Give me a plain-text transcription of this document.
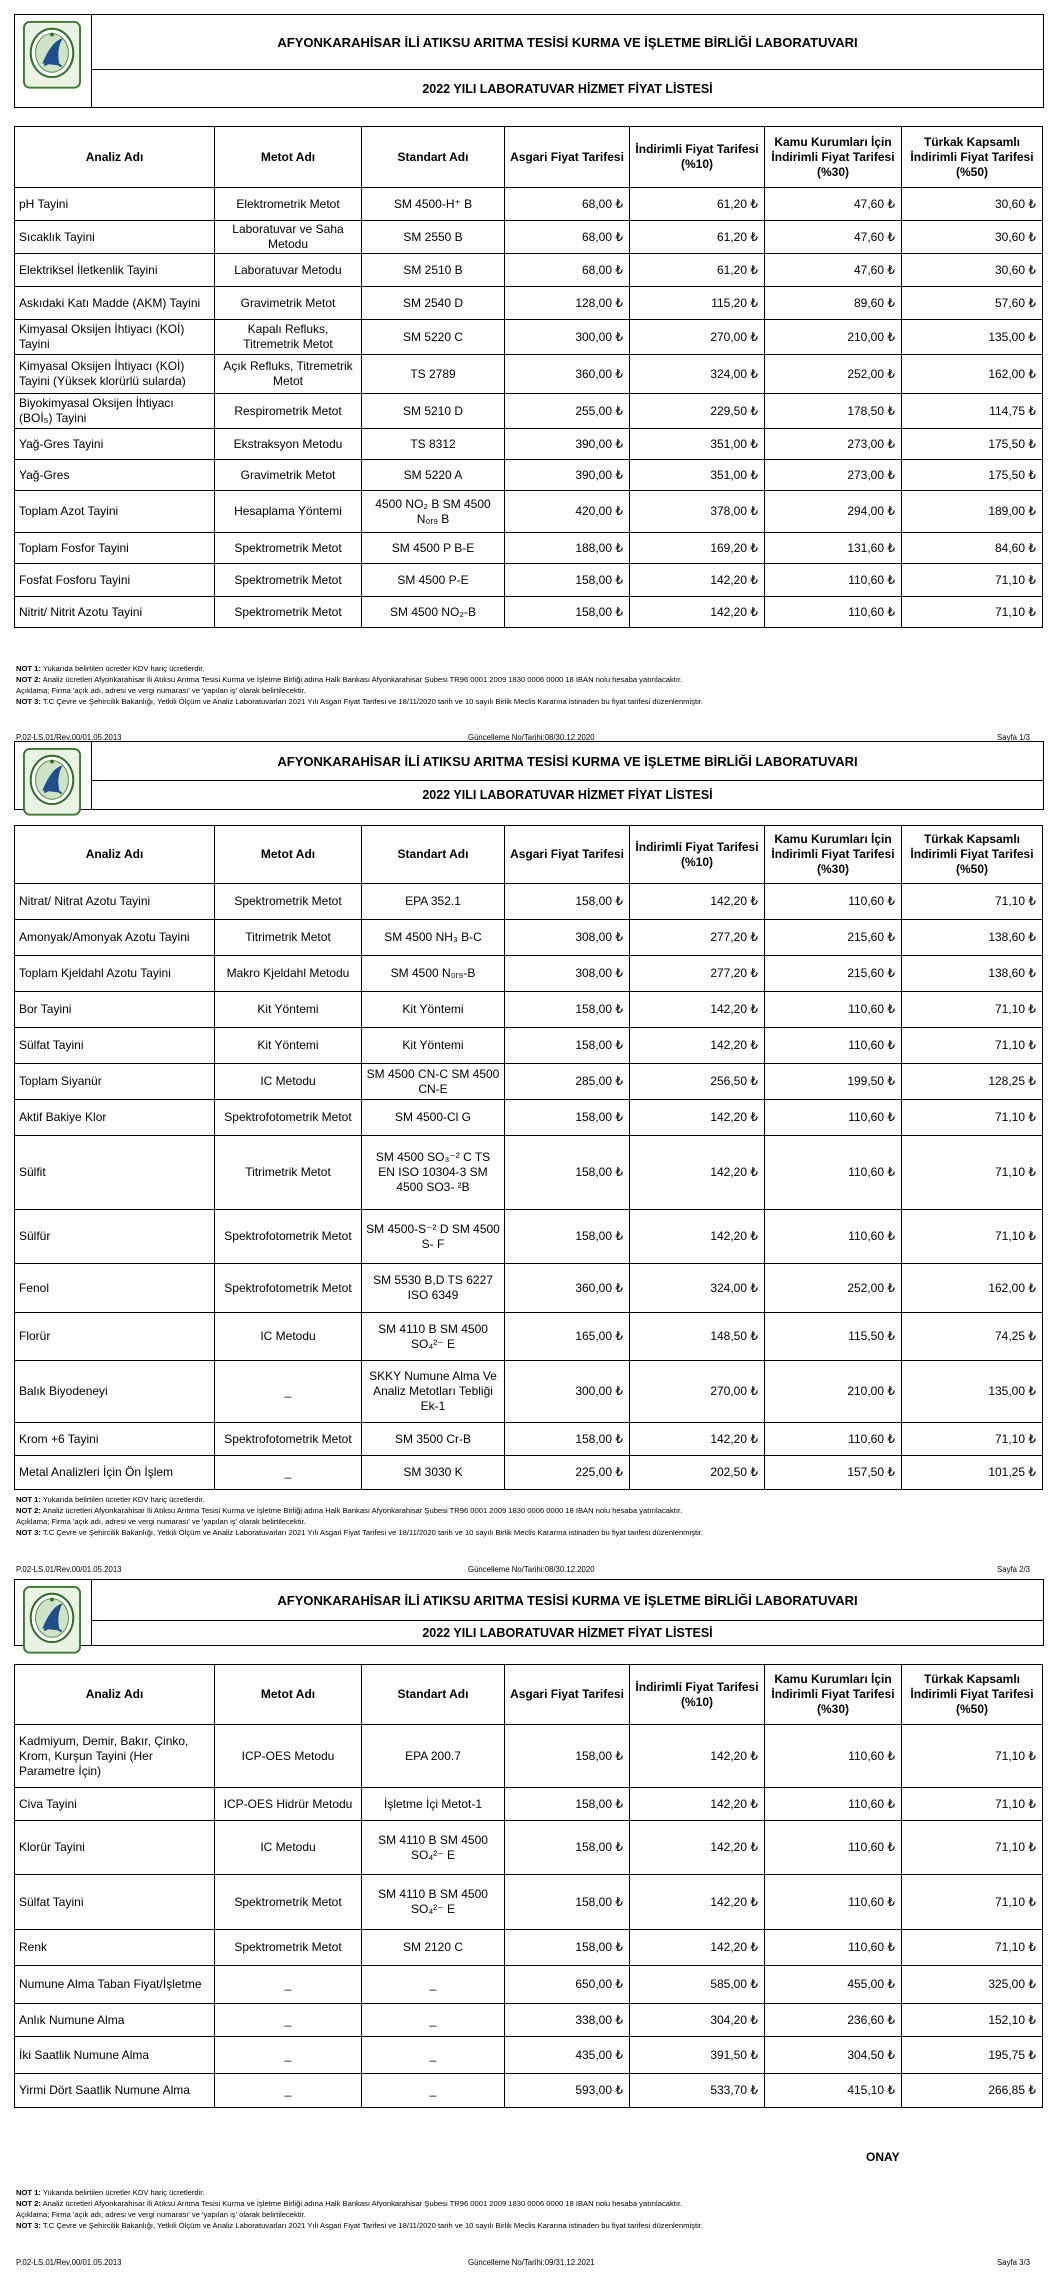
AFYONKARAHİSAR İLİ ATIKSU ARITMA TESİSİ KURMA VE İŞLETME BİRLİĞİ LABORATUVARI
2022 YILI LABORATUVAR HİZMET FİYAT LİSTESİ
Analiz Adı	Metot Adı	Standart Adı	Asgari Fiyat Tarifesi	İndirimli Fiyat Tarifesi (%10)	Kamu Kurumları İçin İndirimli Fiyat Tarifesi (%30)	Türkak Kapsamlı İndirimli Fiyat Tarifesi (%50)
pH Tayini	Elektrometrik Metot	SM 4500-H⁺ B	68,00 ₺	61,20 ₺	47,60 ₺	30,60 ₺
Sıcaklık Tayini	Laboratuvar ve Saha Metodu	SM 2550 B	68,00 ₺	61,20 ₺	47,60 ₺	30,60 ₺
Elektriksel İletkenlik Tayini	Laboratuvar Metodu	SM 2510 B	68,00 ₺	61,20 ₺	47,60 ₺	30,60 ₺
Askıdaki Katı Madde (AKM) Tayini	Gravimetrik Metot	SM 2540 D	128,00 ₺	115,20 ₺	89,60 ₺	57,60 ₺
Kimyasal Oksijen İhtiyacı (KOİ) Tayini	Kapalı Refluks, Titremetrik Metot	SM 5220 C	300,00 ₺	270,00 ₺	210,00 ₺	135,00 ₺
Kimyasal Oksijen İhtiyacı (KOİ) Tayini (Yüksek klorürlü sularda)	Açık Refluks, Titremetrik Metot	TS 2789	360,00 ₺	324,00 ₺	252,00 ₺	162,00 ₺
Biyokimyasal Oksijen İhtiyacı (BOİ₅) Tayini	Respirometrik Metot	SM 5210 D	255,00 ₺	229,50 ₺	178,50 ₺	114,75 ₺
Yağ-Gres Tayini	Ekstraksyon Metodu	TS 8312	390,00 ₺	351,00 ₺	273,00 ₺	175,50 ₺
Yağ-Gres	Gravimetrik Metot	SM 5220 A	390,00 ₺	351,00 ₺	273,00 ₺	175,50 ₺
Toplam Azot Tayini	Hesaplama Yöntemi	4500 NO₂ B SM 4500 N₀ᵣ₉ B	420,00 ₺	378,00 ₺	294,00 ₺	189,00 ₺
Toplam Fosfor Tayini	Spektrometrik Metot	SM 4500 P B-E	188,00 ₺	169,20 ₺	131,60 ₺	84,60 ₺
Fosfat Fosforu Tayini	Spektrometrik Metot	SM 4500 P-E	158,00 ₺	142,20 ₺	110,60 ₺	71,10 ₺
Nitrit/ Nitrit Azotu Tayini	Spektrometrik Metot	SM 4500 NO₂-B	158,00 ₺	142,20 ₺	110,60 ₺	71,10 ₺
NOT 1: Yukarıda belirtilen ücretler KDV hariç ücretlerdir.
NOT 2: Analiz ücretleri Afyonkarahisar İli Atıksu Arıtma Tesisi Kurma ve İşletme Birliği adına Halk Bankası Afyonkarahisar Şubesi TR96 0001 2009 1830 0006 0000 18 IBAN nolu hesaba yatırılacaktır.
Açıklama; Firma 'açık adı, adresi ve vergi numarası' ve 'yapılan iş' olarak belirtilecektir.
NOT 3: T.C Çevre ve Şehircilik Bakanlığı, Yetkili Ölçüm ve Analiz Laboratuvarları 2021 Yılı Asgari Fiyat Tarifesi ve 18/11/2020 tarih ve 10 sayılı Birlik Meclis Kararına istinaden bu fiyat tarifesi düzenlenmiştir.
P.02-LS.01/Rev.00/01.05.2013	Güncelleme No/Tarihi:08/30.12.2020	Sayfa 1/3
AFYONKARAHİSAR İLİ ATIKSU ARITMA TESİSİ KURMA VE İŞLETME BİRLİĞİ LABORATUVARI
2022 YILI LABORATUVAR HİZMET FİYAT LİSTESİ
Analiz Adı	Metot Adı	Standart Adı	Asgari Fiyat Tarifesi	İndirimli Fiyat Tarifesi (%10)	Kamu Kurumları İçin İndirimli Fiyat Tarifesi (%30)	Türkak Kapsamlı İndirimli Fiyat Tarifesi (%50)
Nitrat/ Nitrat Azotu Tayini	Spektrometrik Metot	EPA 352.1	158,00 ₺	142,20 ₺	110,60 ₺	71,10 ₺
Amonyak/Amonyak Azotu Tayini	Titrimetrik Metot	SM 4500 NH₃ B-C	308,00 ₺	277,20 ₺	215,60 ₺	138,60 ₺
Toplam Kjeldahl Azotu Tayini	Makro Kjeldahl Metodu	SM 4500 N₀ᵣ₉-B	308,00 ₺	277,20 ₺	215,60 ₺	138,60 ₺
Bor Tayini	Kit Yöntemi	Kit Yöntemi	158,00 ₺	142,20 ₺	110,60 ₺	71,10 ₺
Sülfat Tayini	Kit Yöntemi	Kit Yöntemi	158,00 ₺	142,20 ₺	110,60 ₺	71,10 ₺
Toplam Siyanür	IC Metodu	SM 4500 CN-C SM 4500 CN-E	285,00 ₺	256,50 ₺	199,50 ₺	128,25 ₺
Aktif Bakiye Klor	Spektrofotometrik Metot	SM 4500-Cl G	158,00 ₺	142,20 ₺	110,60 ₺	71,10 ₺
Sülfit	Titrimetrik Metot	SM 4500 SO₃⁻² C TS EN ISO 10304-3 SM 4500 SO3- ²B	158,00 ₺	142,20 ₺	110,60 ₺	71,10 ₺
Sülfür	Spektrofotometrik Metot	SM 4500-S⁻² D SM 4500 S- F	158,00 ₺	142,20 ₺	110,60 ₺	71,10 ₺
Fenol	Spektrofotometrik Metot	SM 5530 B,D TS 6227 ISO 6349	360,00 ₺	324,00 ₺	252,00 ₺	162,00 ₺
Florür	IC Metodu	SM 4110 B SM 4500 SO₄²⁻ E	165,00 ₺	148,50 ₺	115,50 ₺	74,25 ₺
Balık Biyodeneyi	_	SKKY Numune Alma Ve Analiz Metotları Tebliği Ek-1	300,00 ₺	270,00 ₺	210,00 ₺	135,00 ₺
Krom +6 Tayini	Spektrofotometrik Metot	SM 3500 Cr-B	158,00 ₺	142,20 ₺	110,60 ₺	71,10 ₺
Metal Analizleri İçin Ön İşlem	_	SM 3030 K	225,00 ₺	202,50 ₺	157,50 ₺	101,25 ₺
NOT 1: Yukarıda belirtilen ücretler KDV hariç ücretlerdir.
NOT 2: Analiz ücretleri Afyonkarahisar İli Atıksu Arıtma Tesisi Kurma ve İşletme Birliği adına Halk Bankası Afyonkarahisar Şubesi TR96 0001 2009 1830 0006 0000 18 IBAN nolu hesaba yatırılacaktır.
Açıklama; Firma 'açık adı, adresi ve vergi numarası' ve 'yapılan iş' olarak belirtilecektir.
NOT 3: T.C Çevre ve Şehircilik Bakanlığı, Yetkili Ölçüm ve Analiz Laboratuvarları 2021 Yılı Asgari Fiyat Tarifesi ve 18/11/2020 tarih ve 10 sayılı Birlik Meclis Kararına istinaden bu fiyat tarifesi düzenlenmiştir.
P.02-LS.01/Rev.00/01.05.2013	Güncelleme No/Tarihi:08/30.12.2020	Sayfa 2/3
AFYONKARAHİSAR İLİ ATIKSU ARITMA TESİSİ KURMA VE İŞLETME BİRLİĞİ LABORATUVARI
2022 YILI LABORATUVAR HİZMET FİYAT LİSTESİ
Analiz Adı	Metot Adı	Standart Adı	Asgari Fiyat Tarifesi	İndirimli Fiyat Tarifesi (%10)	Kamu Kurumları İçin İndirimli Fiyat Tarifesi (%30)	Türkak Kapsamlı İndirimli Fiyat Tarifesi (%50)
Kadmiyum, Demir, Bakır, Çinko, Krom, Kurşun Tayini (Her Parametre İçin)	ICP-OES Metodu	EPA 200.7	158,00 ₺	142,20 ₺	110,60 ₺	71,10 ₺
Civa Tayini	ICP-OES Hidrür Metodu	İşletme İçi Metot-1	158,00 ₺	142,20 ₺	110,60 ₺	71,10 ₺
Klorür Tayini	IC Metodu	SM 4110 B SM 4500 SO₄²⁻ E	158,00 ₺	142,20 ₺	110,60 ₺	71,10 ₺
Sülfat Tayini	Spektrometrik Metot	SM 4110 B SM 4500 SO₄²⁻ E	158,00 ₺	142,20 ₺	110,60 ₺	71,10 ₺
Renk	Spektrometrik Metot	SM 2120 C	158,00 ₺	142,20 ₺	110,60 ₺	71,10 ₺
Numune Alma Taban Fiyat/İşletme	_	_	650,00 ₺	585,00 ₺	455,00 ₺	325,00 ₺
Anlık Numune Alma	_	_	338,00 ₺	304,20 ₺	236,60 ₺	152,10 ₺
İki Saatlik Numune Alma	_	_	435,00 ₺	391,50 ₺	304,50 ₺	195,75 ₺
Yirmi Dört Saatlik Numune Alma	_	_	593,00 ₺	533,70 ₺	415,10 ₺	266,85 ₺
ONAY
NOT 1: Yukarıda belirtilen ücretler KDV hariç ücretlerdir.
NOT 2: Analiz ücretleri Afyonkarahisar İli Atıksu Arıtma Tesisi Kurma ve İşletme Birliği adına Halk Bankası Afyonkarahisar Şubesi TR96 0001 2009 1830 0006 0000 18 IBAN nolu hesaba yatırılacaktır.
Açıklama; Firma 'açık adı, adresi ve vergi numarası' ve 'yapılan iş' olarak belirtilecektir.
NOT 3: T.C Çevre ve Şehircilik Bakanlığı, Yetkili Ölçüm ve Analiz Laboratuvarları 2021 Yılı Asgari Fiyat Tarifesi ve 18/11/2020 tarih ve 10 sayılı Birlik Meclis Kararına istinaden bu fiyat tarifesi düzenlenmiştir.
P.02-LS.01/Rev.00/01.05.2013	Güncelleme No/Tarihi:09/31.12.2021	Sayfa 3/3
